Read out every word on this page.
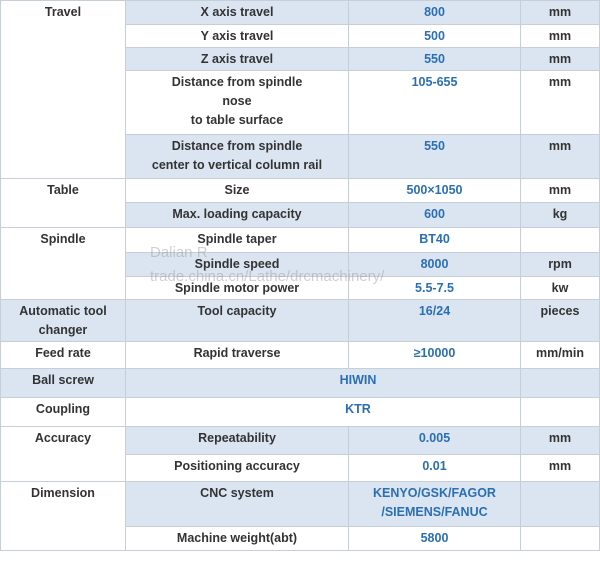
Travel	X axis travel	800	mm
	Y axis travel	500	mm
	Z axis travel	550	mm

	Distance from spindle
nose
to table surface	105-655	mm

	Distance from spindle
center to vertical column rail	550	mm
Table	Size	500×1050	mm
	Max. loading capacity	600	kg
Spindle	Spindle taper	BT40	
	Spindle speed	8000	rpm
	Spindle motor power	5.5-7.5	kw

Automatic tool
changer	Tool capacity	16/24	pieces
Feed rate	Rapid traverse	≥10000	mm/min
Ball screw	HIWIN		
Coupling	KTR		
Accuracy	Repeatability	0.005	mm
	Positioning accuracy	0.01	mm
Dimension	CNC system	KENYO/GSK/FAGOR
/SIEMENS/FANUC	

	Machine weight(abt)	5800	
Dalian R
trade.china.cn/Lathe/drcmachinery/
